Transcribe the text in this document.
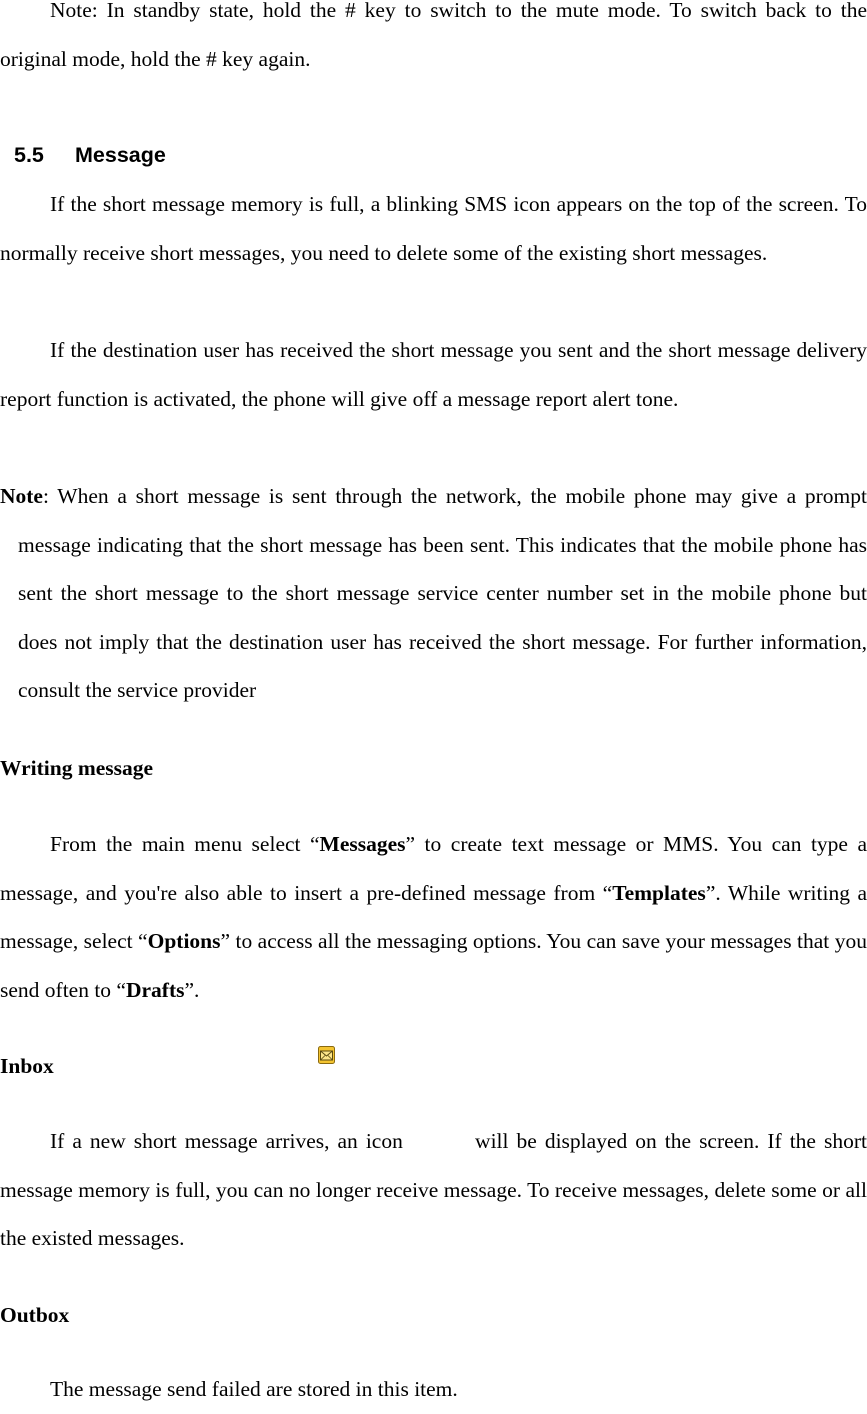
Note: In standby state, hold the # key to switch to the mute mode. To switch back to the original mode, hold the # key again.

5.5 Message

If the short message memory is full, a blinking SMS icon appears on the top of the screen. To normally receive short messages, you need to delete some of the existing short messages.

If the destination user has received the short message you sent and the short message delivery report function is activated, the phone will give off a message report alert tone.

Note: When a short message is sent through the network, the mobile phone may give a prompt message indicating that the short message has been sent. This indicates that the mobile phone has sent the short message to the short message service center number set in the mobile phone but does not imply that the destination user has received the short message. For further information, consult the service provider

Writing message

From the main menu select “Messages” to create text message or MMS. You can type a message, and you're also able to insert a pre-defined message from “Templates”. While writing a message, select “Options” to access all the messaging options. You can save your messages that you send often to “Drafts”.

Inbox

If a new short message arrives, an icon         will be displayed on the screen. If the short message memory is full, you can no longer receive message. To receive messages, delete some or all the existed messages.

Outbox

The message send failed are stored in this item.
